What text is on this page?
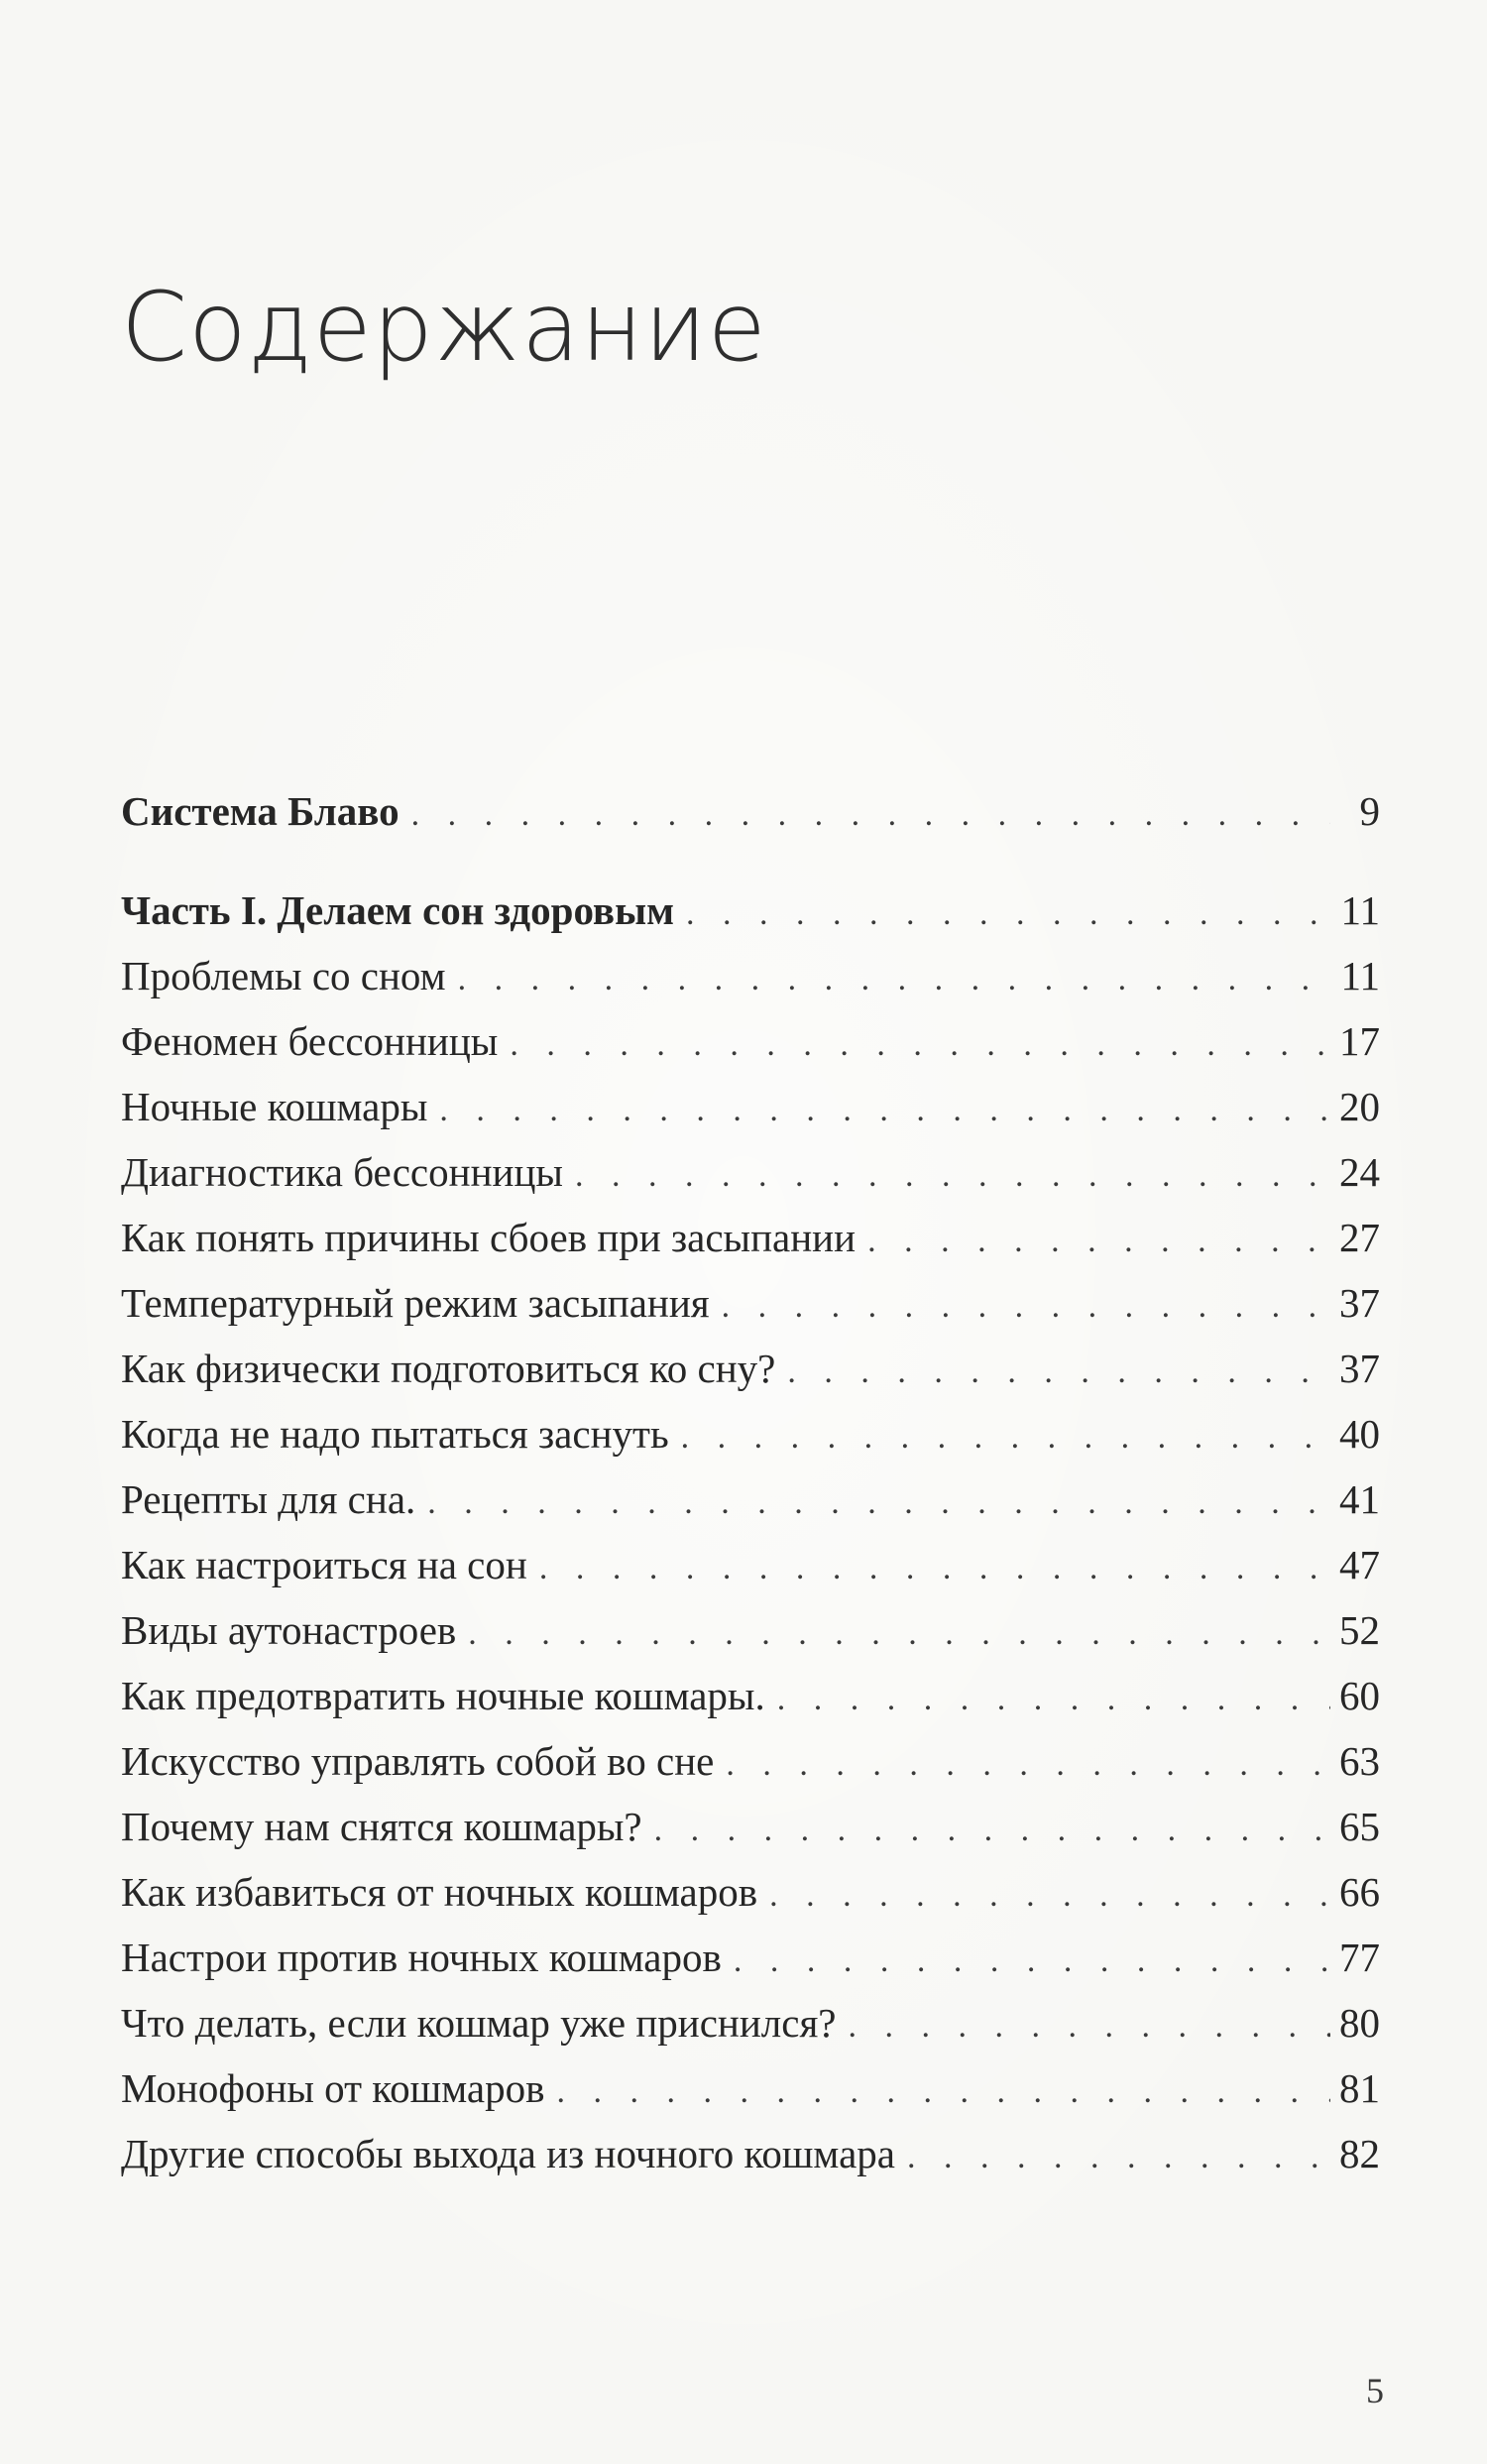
Содержание
Система Блаво . . .	9
Часть I. Делаем сон здоровым . . .	11
Проблемы со сном . . .	11
Феномен бессонницы . . .	17
Ночные кошмары . . .	20
Диагностика бессонницы . . .	24
Как понять причины сбоев при засыпании . . .	27
Температурный режим засыпания . . .	37
Как физически подготовиться ко сну? . . .	37
Когда не надо пытаться заснуть . . .	40
Рецепты для сна. . . .	41
Как настроиться на сон . . .	47
Виды аутонастроев . . .	52
Как предотвратить ночные кошмары. . . .	60
Искусство управлять собой во сне . . .	63
Почему нам снятся кошмары? . . .	65
Как избавиться от ночных кошмаров . . .	66
Настрои против ночных кошмаров . . .	77
Что делать, если кошмар уже приснился? . . .	80
Монофоны от кошмаров . . .	81
Другие способы выхода из ночного кошмара . . .	82
5
